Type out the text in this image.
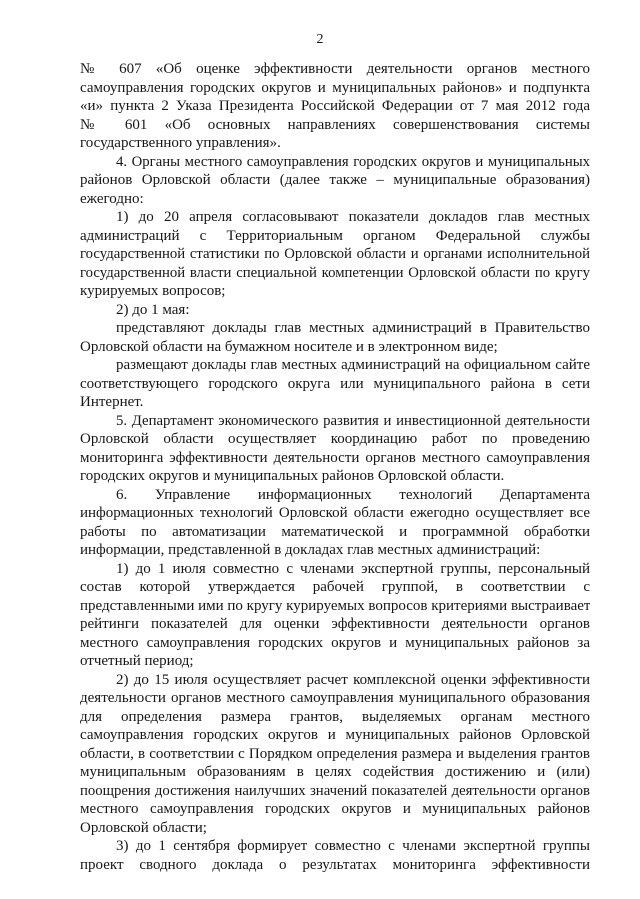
2
№ 607 «Об оценке эффективности деятельности органов местного
самоуправления городских округов и муниципальных районов» и подпункта
«и» пункта 2 Указа Президента Российской Федерации от 7 мая 2012 года
№ 601 «Об основных направлениях совершенствования системы
государственного управления».
4. Органы местного самоуправления городских округов и муниципальных
районов Орловской области (далее также – муниципальные образования)
ежегодно:
1) до 20 апреля согласовывают показатели докладов глав местных
администраций с Территориальным органом Федеральной службы
государственной статистики по Орловской области и органами исполнительной
государственной власти специальной компетенции Орловской области по кругу
курируемых вопросов;
2) до 1 мая:
представляют доклады глав местных администраций в Правительство
Орловской области на бумажном носителе и в электронном виде;
размещают доклады глав местных администраций на официальном сайте
соответствующего городского округа или муниципального района в сети
Интернет.
5. Департамент экономического развития и инвестиционной деятельности
Орловской области осуществляет координацию работ по проведению
мониторинга эффективности деятельности органов местного самоуправления
городских округов и муниципальных районов Орловской области.
6. Управление информационных технологий Департамента
информационных технологий Орловской области ежегодно осуществляет все
работы по автоматизации математической и программной обработки
информации, представленной в докладах глав местных администраций:
1) до 1 июля совместно с членами экспертной группы, персональный
состав которой утверждается рабочей группой, в соответствии с
представленными ими по кругу курируемых вопросов критериями выстраивает
рейтинги показателей для оценки эффективности деятельности органов
местного самоуправления городских округов и муниципальных районов за
отчетный период;
2) до 15 июля осуществляет расчет комплексной оценки эффективности
деятельности органов местного самоуправления муниципального образования
для определения размера грантов, выделяемых органам местного
самоуправления городских округов и муниципальных районов Орловской
области, в соответствии с Порядком определения размера и выделения грантов
муниципальным образованиям в целях содействия достижению и (или)
поощрения достижения наилучших значений показателей деятельности органов
местного самоуправления городских округов и муниципальных районов
Орловской области;
3) до 1 сентября формирует совместно с членами экспертной группы
проект сводного доклада о результатах мониторинга эффективности
